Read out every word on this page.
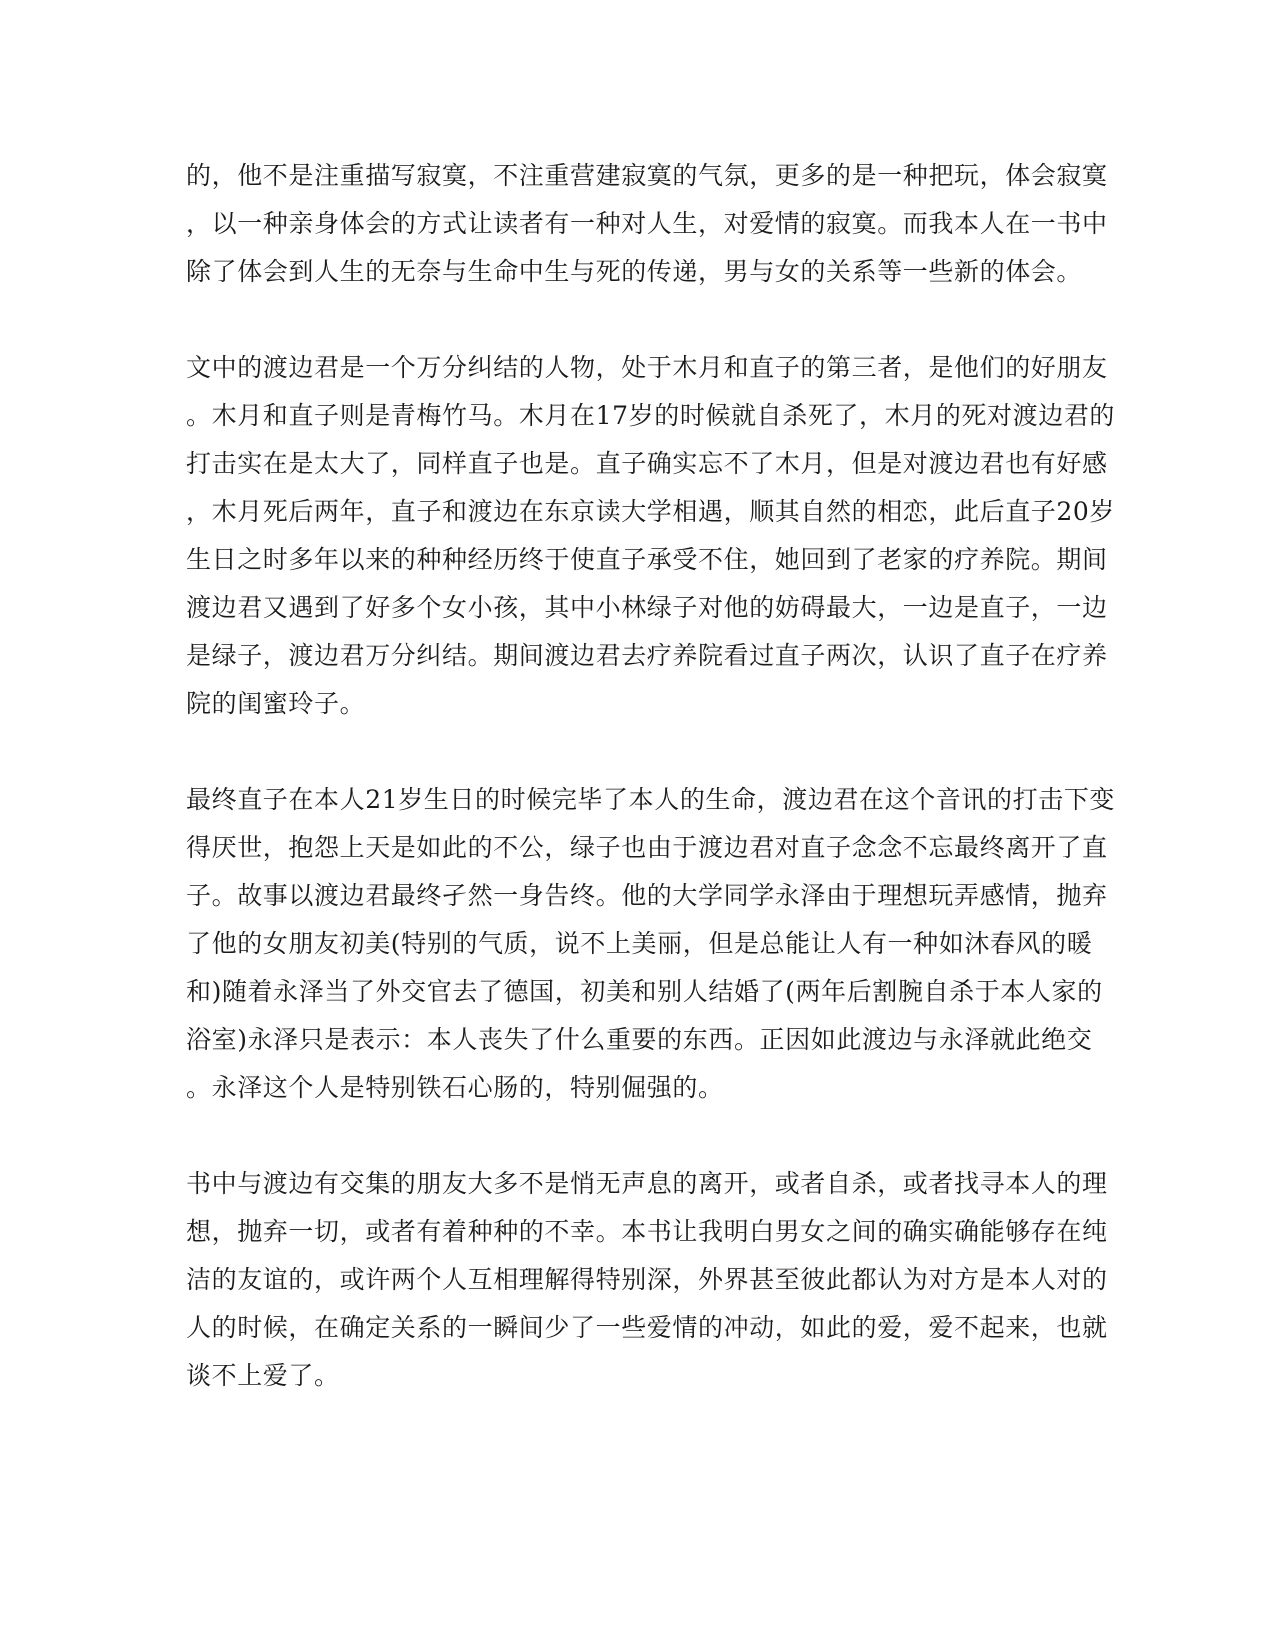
的，他不是注重描写寂寞，不注重营建寂寞的气氛，更多的是一种把玩，体会寂寞
，以一种亲身体会的方式让读者有一种对人生，对爱情的寂寞。而我本人在一书中
除了体会到人生的无奈与生命中生与死的传递，男与女的关系等一些新的体会。
文中的渡边君是一个万分纠结的人物，处于木月和直子的第三者，是他们的好朋友
。木月和直子则是青梅竹马。木月在17岁的时候就自杀死了，木月的死对渡边君的
打击实在是太大了，同样直子也是。直子确实忘不了木月，但是对渡边君也有好感
，木月死后两年，直子和渡边在东京读大学相遇，顺其自然的相恋，此后直子20岁
生日之时多年以来的种种经历终于使直子承受不住，她回到了老家的疗养院。期间
渡边君又遇到了好多个女小孩，其中小林绿子对他的妨碍最大，一边是直子，一边
是绿子，渡边君万分纠结。期间渡边君去疗养院看过直子两次，认识了直子在疗养
院的闺蜜玲子。
最终直子在本人21岁生日的时候完毕了本人的生命，渡边君在这个音讯的打击下变
得厌世，抱怨上天是如此的不公，绿子也由于渡边君对直子念念不忘最终离开了直
子。故事以渡边君最终孑然一身告终。他的大学同学永泽由于理想玩弄感情，抛弃
了他的女朋友初美(特别的气质，说不上美丽，但是总能让人有一种如沐春风的暖
和)随着永泽当了外交官去了德国，初美和别人结婚了(两年后割腕自杀于本人家的
浴室)永泽只是表示：本人丧失了什么重要的东西。正因如此渡边与永泽就此绝交
。永泽这个人是特别铁石心肠的，特别倔强的。
书中与渡边有交集的朋友大多不是悄无声息的离开，或者自杀，或者找寻本人的理
想，抛弃一切，或者有着种种的不幸。本书让我明白男女之间的确实确能够存在纯
洁的友谊的，或许两个人互相理解得特别深，外界甚至彼此都认为对方是本人对的
人的时候，在确定关系的一瞬间少了一些爱情的冲动，如此的爱，爱不起来，也就
谈不上爱了。
